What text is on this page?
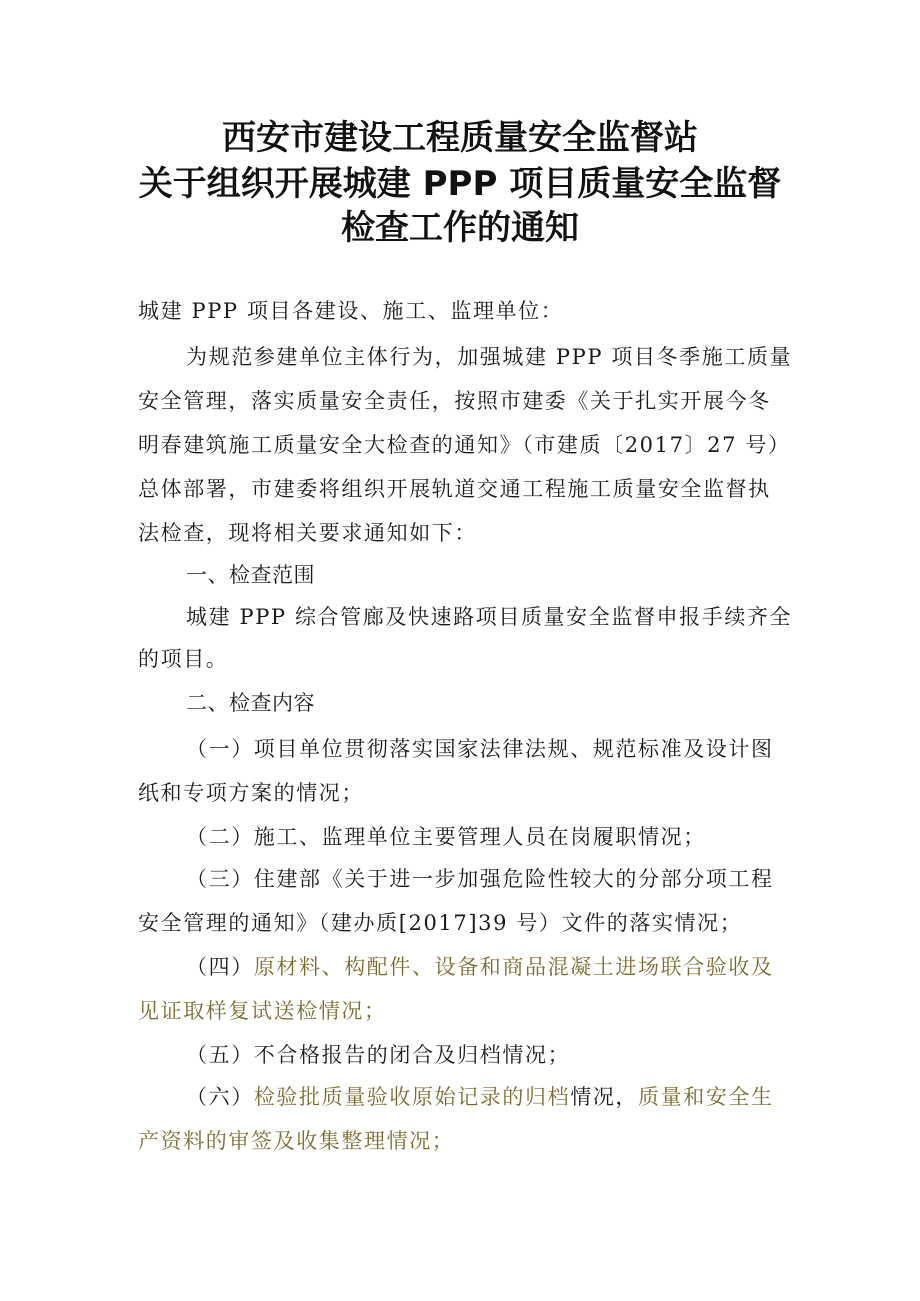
西安市建设工程质量安全监督站
关于组织开展城建 PPP 项目质量安全监督
检查工作的通知
城建 PPP 项目各建设、施工、监理单位：
为规范参建单位主体行为，加强城建 PPP 项目冬季施工质量
安全管理，落实质量安全责任，按照市建委《关于扎实开展今冬
明春建筑施工质量安全大检查的通知》（市建质〔2017〕27 号）
总体部署，市建委将组织开展轨道交通工程施工质量安全监督执
法检查，现将相关要求通知如下：
一、检查范围
城建 PPP 综合管廊及快速路项目质量安全监督申报手续齐全
的项目。
二、检查内容
（一）项目单位贯彻落实国家法律法规、规范标准及设计图
纸和专项方案的情况；
（二）施工、监理单位主要管理人员在岗履职情况；
（三）住建部《关于进一步加强危险性较大的分部分项工程
安全管理的通知》（建办质[2017]39 号）文件的落实情况；
（四）原材料、构配件、设备和商品混凝土进场联合验收及
见证取样复试送检情况；
（五）不合格报告的闭合及归档情况；
（六）检验批质量验收原始记录的归档情况，质量和安全生
产资料的审签及收集整理情况；
